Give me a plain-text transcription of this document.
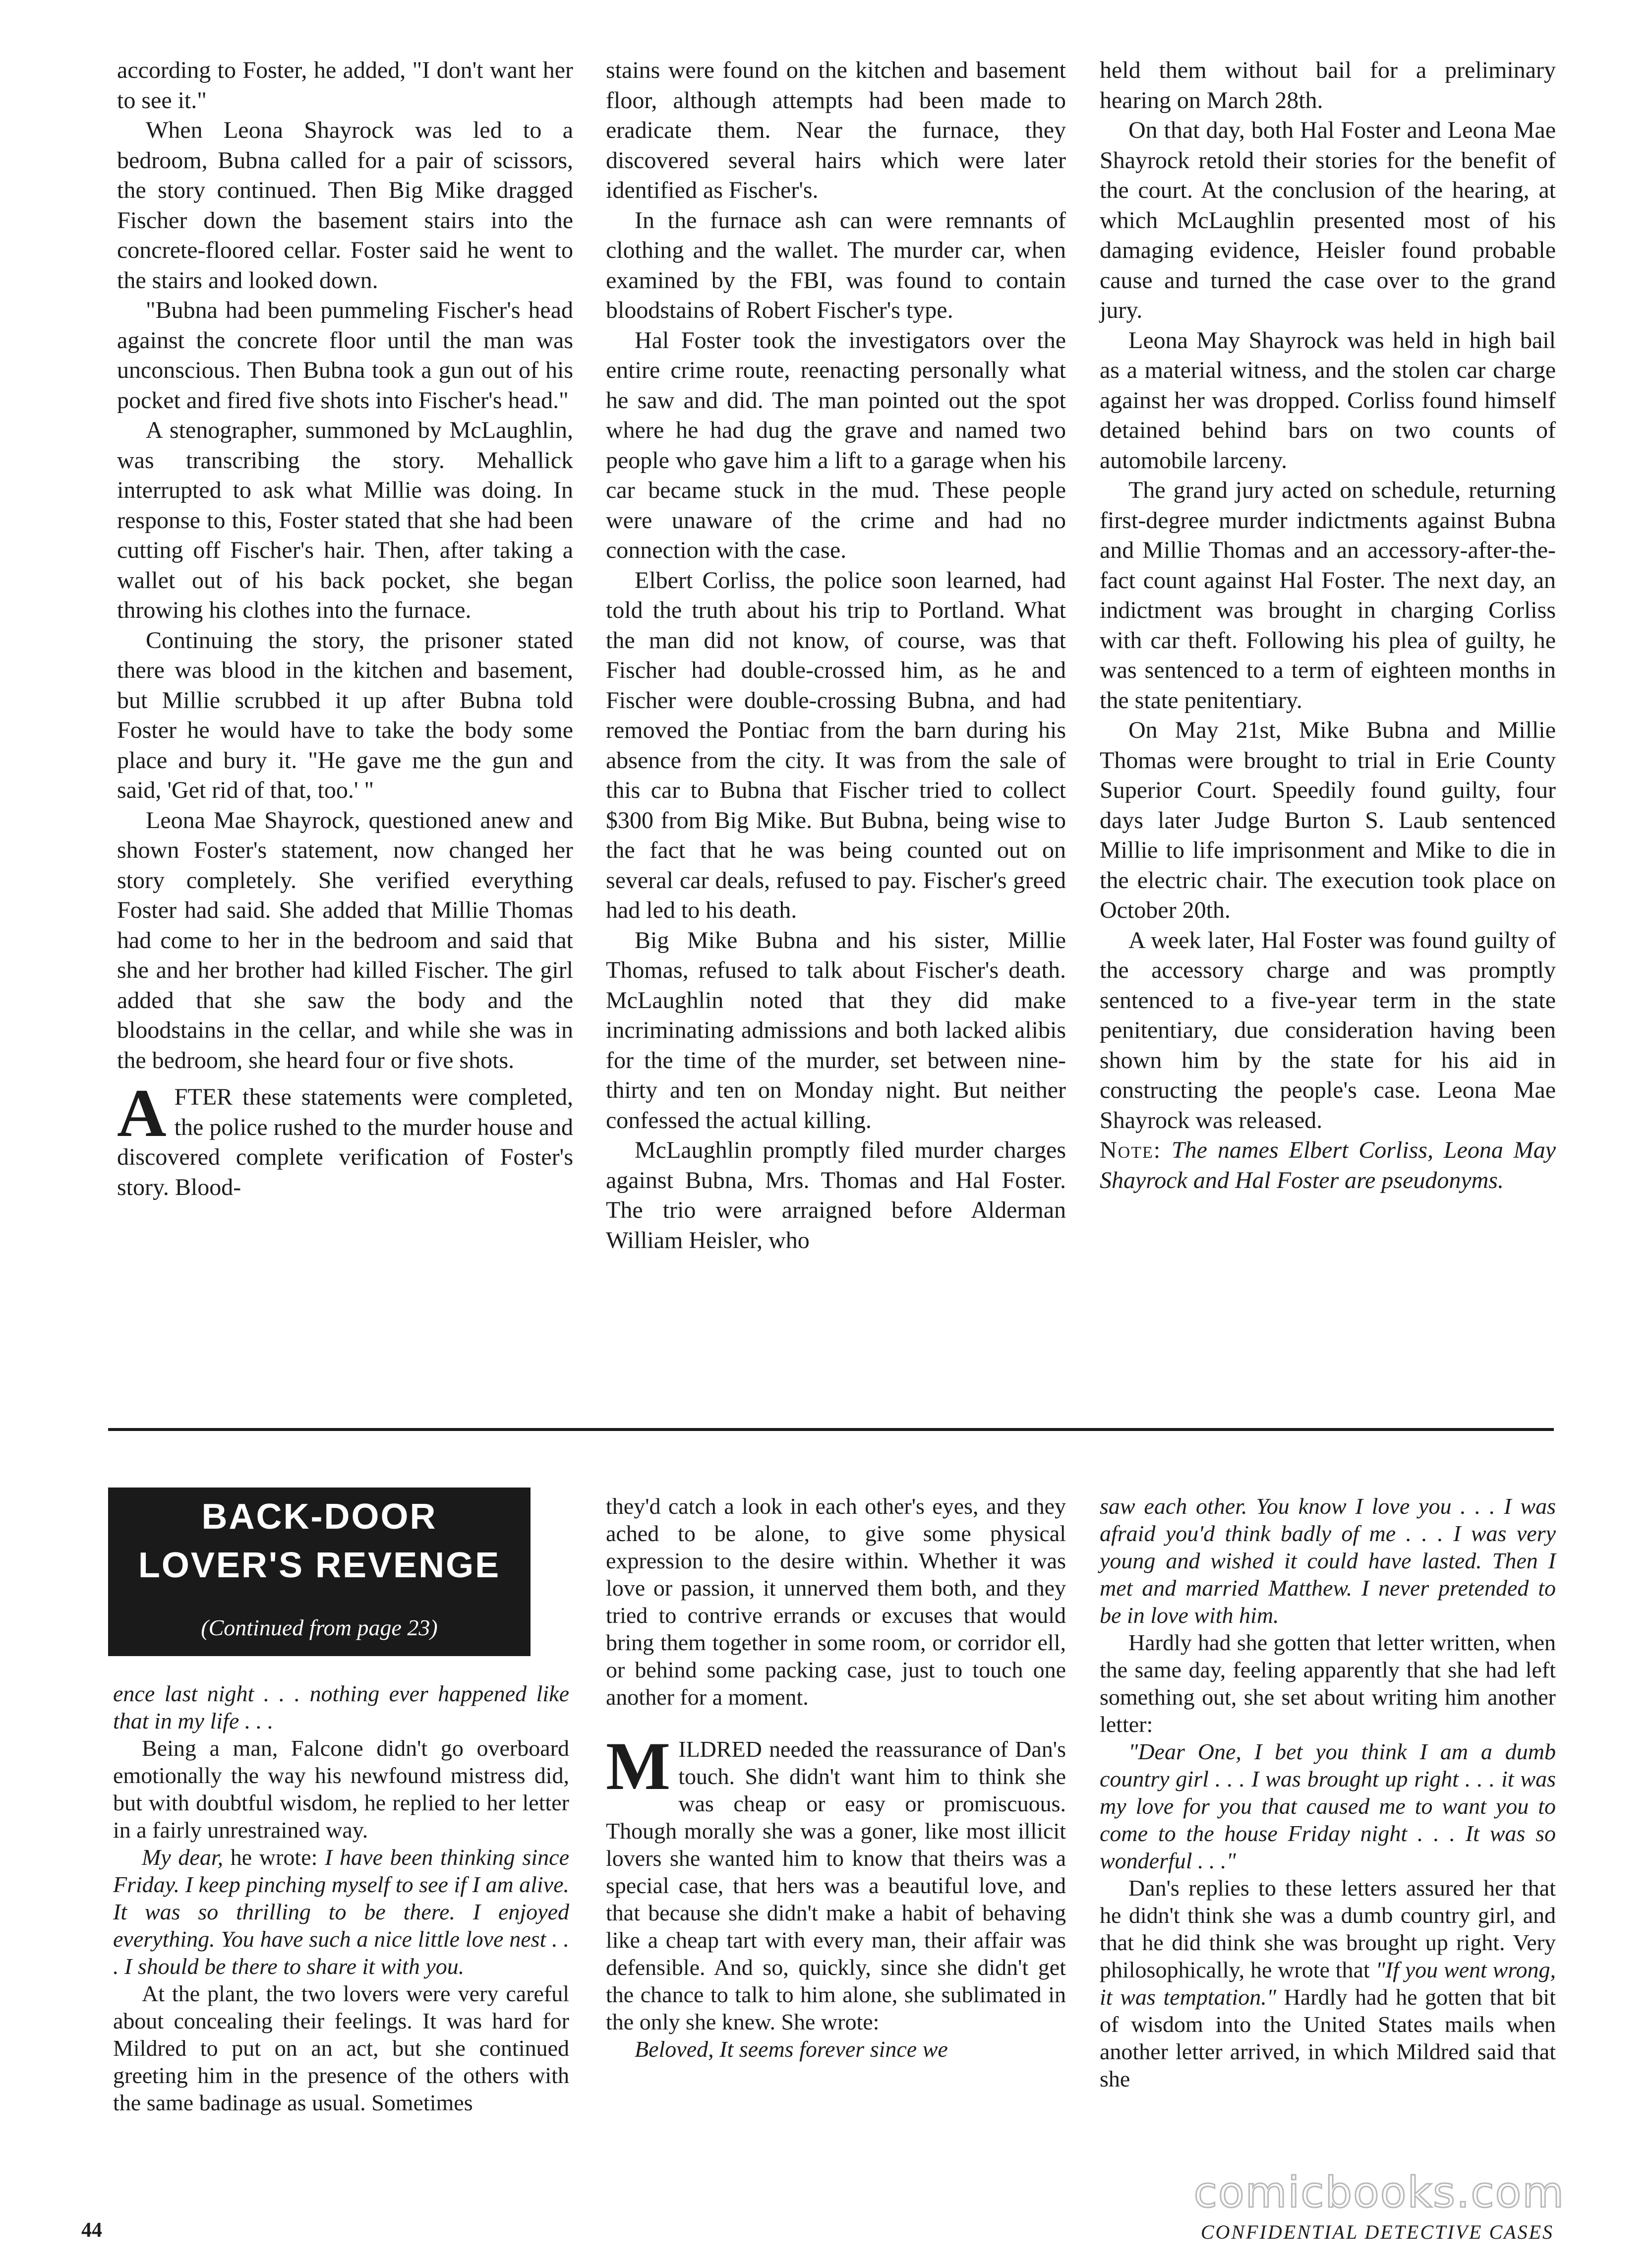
according to Foster, he added, "I don't want her to see it."

When Leona Shayrock was led to a bedroom, Bubna called for a pair of scissors, the story continued. Then Big Mike dragged Fischer down the basement stairs into the concrete-floored cellar. Foster said he went to the stairs and looked down.

"Bubna had been pummeling Fischer's head against the concrete floor until the man was unconscious. Then Bubna took a gun out of his pocket and fired five shots into Fischer's head."

A stenographer, summoned by McLaughlin, was transcribing the story. Mehallick interrupted to ask what Millie was doing. In response to this, Foster stated that she had been cutting off Fischer's hair. Then, after taking a wallet out of his back pocket, she began throwing his clothes into the furnace.

Continuing the story, the prisoner stated there was blood in the kitchen and basement, but Millie scrubbed it up after Bubna told Foster he would have to take the body some place and bury it. "He gave me the gun and said, 'Get rid of that, too.' "

Leona Mae Shayrock, questioned anew and shown Foster's statement, now changed her story completely. She verified everything Foster had said. She added that Millie Thomas had come to her in the bedroom and said that she and her brother had killed Fischer. The girl added that she saw the body and the bloodstains in the cellar, and while she was in the bedroom, she heard four or five shots.

AFTER these statements were completed, the police rushed to the murder house and discovered complete verification of Foster's story. Blood-

stains were found on the kitchen and basement floor, although attempts had been made to eradicate them. Near the furnace, they discovered several hairs which were later identified as Fischer's.

In the furnace ash can were remnants of clothing and the wallet. The murder car, when examined by the FBI, was found to contain bloodstains of Robert Fischer's type.

Hal Foster took the investigators over the entire crime route, reenacting personally what he saw and did. The man pointed out the spot where he had dug the grave and named two people who gave him a lift to a garage when his car became stuck in the mud. These people were unaware of the crime and had no connection with the case.

Elbert Corliss, the police soon learned, had told the truth about his trip to Portland. What the man did not know, of course, was that Fischer had double-crossed him, as he and Fischer were double-crossing Bubna, and had removed the Pontiac from the barn during his absence from the city. It was from the sale of this car to Bubna that Fischer tried to collect $300 from Big Mike. But Bubna, being wise to the fact that he was being counted out on several car deals, refused to pay. Fischer's greed had led to his death.

Big Mike Bubna and his sister, Millie Thomas, refused to talk about Fischer's death. McLaughlin noted that they did make incriminating admissions and both lacked alibis for the time of the murder, set between nine-thirty and ten on Monday night. But neither confessed the actual killing.

McLaughlin promptly filed murder charges against Bubna, Mrs. Thomas and Hal Foster. The trio were arraigned before Alderman William Heisler, who

held them without bail for a preliminary hearing on March 28th.

On that day, both Hal Foster and Leona Mae Shayrock retold their stories for the benefit of the court. At the conclusion of the hearing, at which McLaughlin presented most of his damaging evidence, Heisler found probable cause and turned the case over to the grand jury.

Leona May Shayrock was held in high bail as a material witness, and the stolen car charge against her was dropped. Corliss found himself detained behind bars on two counts of automobile larceny.

The grand jury acted on schedule, returning first-degree murder indictments against Bubna and Millie Thomas and an accessory-after-the-fact count against Hal Foster. The next day, an indictment was brought in charging Corliss with car theft. Following his plea of guilty, he was sentenced to a term of eighteen months in the state penitentiary.

On May 21st, Mike Bubna and Millie Thomas were brought to trial in Erie County Superior Court. Speedily found guilty, four days later Judge Burton S. Laub sentenced Millie to life imprisonment and Mike to die in the electric chair. The execution took place on October 20th.

A week later, Hal Foster was found guilty of the accessory charge and was promptly sentenced to a five-year term in the state penitentiary, due consideration having been shown him by the state for his aid in constructing the people's case. Leona Mae Shayrock was released.

Note: The names Elbert Corliss, Leona May Shayrock and Hal Foster are pseudonyms.

BACK-DOOR
LOVER'S REVENGE
(Continued from page 23)

ence last night . . . nothing ever happened like that in my life . . .

Being a man, Falcone didn't go overboard emotionally the way his newfound mistress did, but with doubtful wisdom, he replied to her letter in a fairly unrestrained way.

My dear, he wrote: I have been thinking since Friday. I keep pinching myself to see if I am alive. It was so thrilling to be there. I enjoyed everything. You have such a nice little love nest . . . I should be there to share it with you.

At the plant, the two lovers were very careful about concealing their feelings. It was hard for Mildred to put on an act, but she continued greeting him in the presence of the others with the same badinage as usual. Sometimes

they'd catch a look in each other's eyes, and they ached to be alone, to give some physical expression to the desire within. Whether it was love or passion, it unnerved them both, and they tried to contrive errands or excuses that would bring them together in some room, or corridor ell, or behind some packing case, just to touch one another for a moment.

MILDRED needed the reassurance of Dan's touch. She didn't want him to think she was cheap or easy or promiscuous. Though morally she was a goner, like most illicit lovers she wanted him to know that theirs was a special case, that hers was a beautiful love, and that because she didn't make a habit of behaving like a cheap tart with every man, their affair was defensible. And so, quickly, since she didn't get the chance to talk to him alone, she sublimated in the only she knew. She wrote:

Beloved, It seems forever since we

saw each other. You know I love you . . . I was afraid you'd think badly of me . . . I was very young and wished it could have lasted. Then I met and married Matthew. I never pretended to be in love with him.

Hardly had she gotten that letter written, when the same day, feeling apparently that she had left something out, she set about writing him another letter:

"Dear One, I bet you think I am a dumb country girl . . . I was brought up right . . . it was my love for you that caused me to want you to come to the house Friday night . . . It was so wonderful . . ."

Dan's replies to these letters assured her that he didn't think she was a dumb country girl, and that he did think she was brought up right. Very philosophically, he wrote that "If you went wrong, it was temptation." Hardly had he gotten that bit of wisdom into the United States mails when another letter arrived, in which Mildred said that she

comicbooks.com
44	CONFIDENTIAL DETECTIVE CASES
